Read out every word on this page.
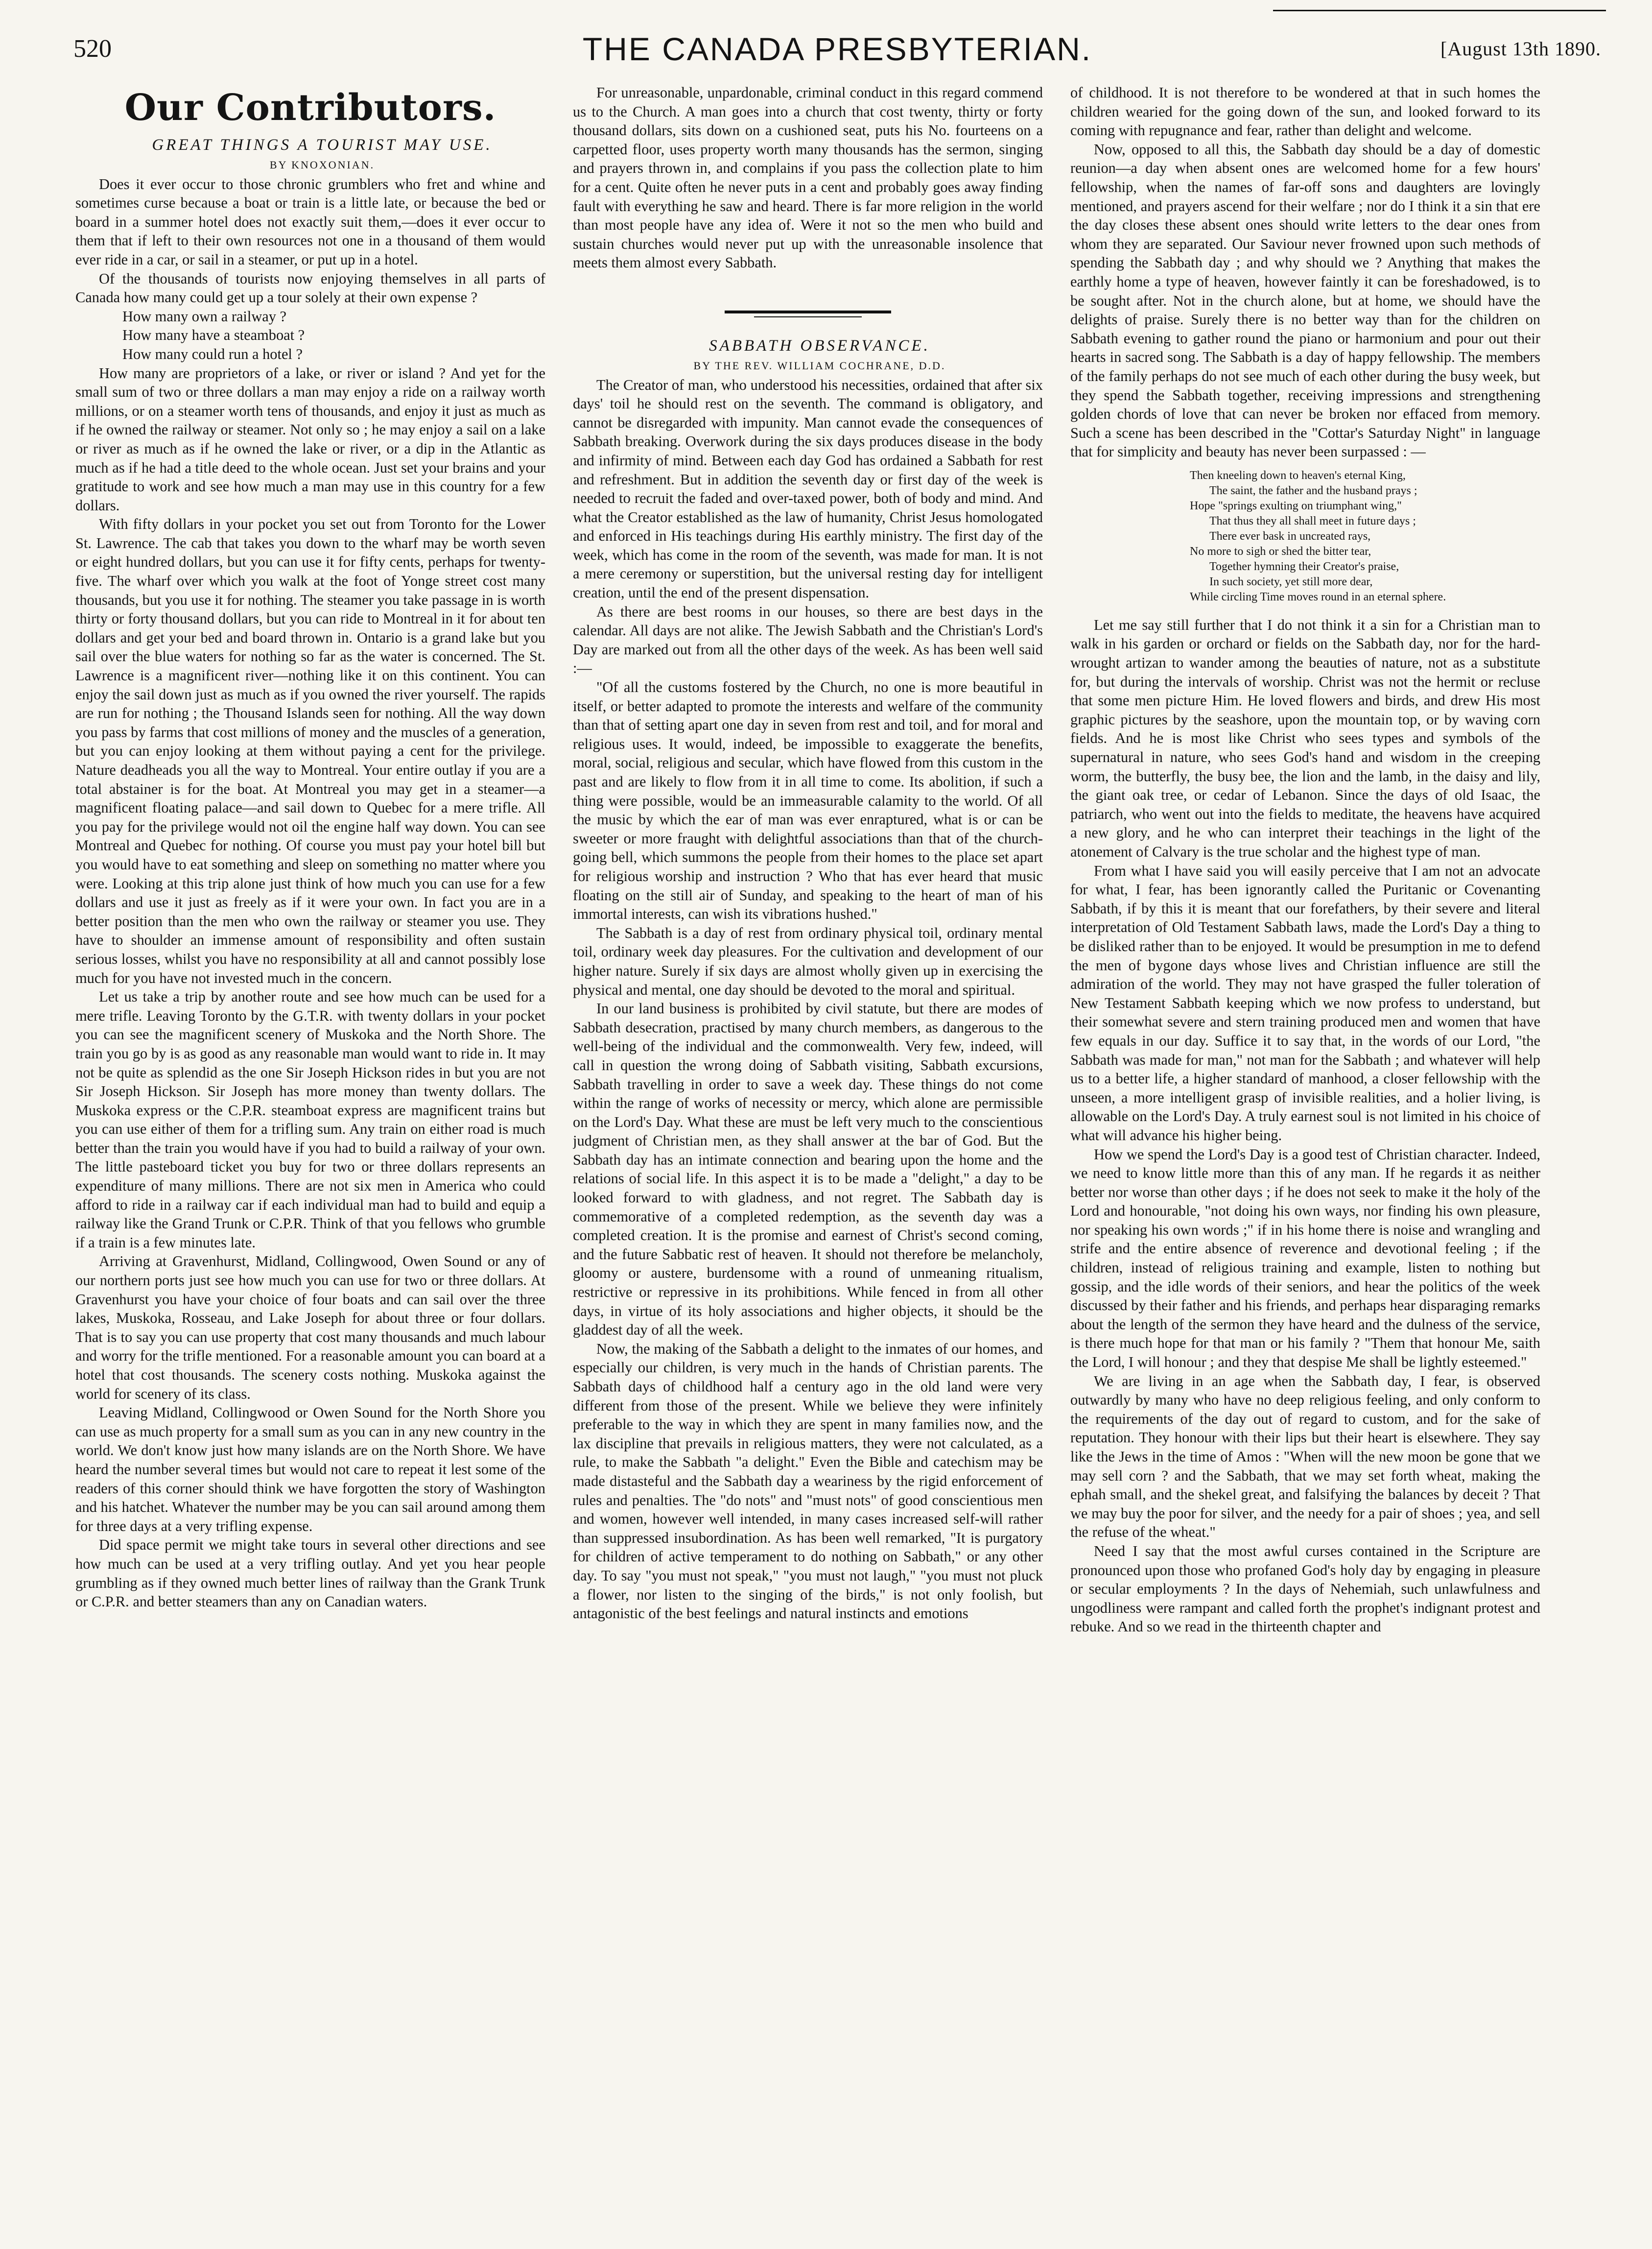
520	THE CANADA PRESBYTERIAN.	[August 13th 1890.
Our Contributors.

GREAT THINGS A TOURIST MAY USE.

BY KNOXONIAN.

Does it ever occur to those chronic grumblers who fret and whine and sometimes curse because a boat or train is a little late, or because the bed or board in a summer hotel does not exactly suit them,—does it ever occur to them that if left to their own resources not one in a thousand of them would ever ride in a car, or sail in a steamer, or put up in a hotel.

Of the thousands of tourists now enjoying themselves in all parts of Canada how many could get up a tour solely at their own expense ?

How many own a railway ?

How many have a steamboat ?

How many could run a hotel ?

How many are proprietors of a lake, or river or island ? And yet for the small sum of two or three dollars a man may enjoy a ride on a railway worth millions, or on a steamer worth tens of thousands, and enjoy it just as much as if he owned the railway or steamer. Not only so ; he may enjoy a sail on a lake or river as much as if he owned the lake or river, or a dip in the Atlantic as much as if he had a title deed to the whole ocean. Just set your brains and your gratitude to work and see how much a man may use in this country for a few dollars.

With fifty dollars in your pocket you set out from Toronto for the Lower St. Lawrence. The cab that takes you down to the wharf may be worth seven or eight hundred dollars, but you can use it for fifty cents, perhaps for twenty-five. The wharf over which you walk at the foot of Yonge street cost many thousands, but you use it for nothing. The steamer you take passage in is worth thirty or forty thousand dollars, but you can ride to Montreal in it for about ten dollars and get your bed and board thrown in. Ontario is a grand lake but you sail over the blue waters for nothing so far as the water is concerned. The St. Lawrence is a magnificent river—nothing like it on this continent. You can enjoy the sail down just as much as if you owned the river yourself. The rapids are run for nothing ; the Thousand Islands seen for nothing. All the way down you pass by farms that cost millions of money and the muscles of a generation, but you can enjoy looking at them without paying a cent for the privilege. Nature deadheads you all the way to Montreal. Your entire outlay if you are a total abstainer is for the boat. At Montreal you may get in a steamer—a magnificent floating palace—and sail down to Quebec for a mere trifle. All you pay for the privilege would not oil the engine half way down. You can see Montreal and Quebec for nothing. Of course you must pay your hotel bill but you would have to eat something and sleep on something no matter where you were. Looking at this trip alone just think of how much you can use for a few dollars and use it just as freely as if it were your own. In fact you are in a better position than the men who own the railway or steamer you use. They have to shoulder an immense amount of responsibility and often sustain serious losses, whilst you have no responsibility at all and cannot possibly lose much for you have not invested much in the concern.

Let us take a trip by another route and see how much can be used for a mere trifle. Leaving Toronto by the G.T.R. with twenty dollars in your pocket you can see the magnificent scenery of Muskoka and the North Shore. The train you go by is as good as any reasonable man would want to ride in. It may not be quite as splendid as the one Sir Joseph Hickson rides in but you are not Sir Joseph Hickson. Sir Joseph has more money than twenty dollars. The Muskoka express or the C.P.R. steamboat express are magnificent trains but you can use either of them for a trifling sum. Any train on either road is much better than the train you would have if you had to build a railway of your own. The little pasteboard ticket you buy for two or three dollars represents an expenditure of many millions. There are not six men in America who could afford to ride in a railway car if each individual man had to build and equip a railway like the Grand Trunk or C.P.R. Think of that you fellows who grumble if a train is a few minutes late.

Arriving at Gravenhurst, Midland, Collingwood, Owen Sound or any of our northern ports just see how much you can use for two or three dollars. At Gravenhurst you have your choice of four boats and can sail over the three lakes, Muskoka, Rosseau, and Lake Joseph for about three or four dollars. That is to say you can use property that cost many thousands and much labour and worry for the trifle mentioned. For a reasonable amount you can board at a hotel that cost thousands. The scenery costs nothing. Muskoka against the world for scenery of its class.

Leaving Midland, Collingwood or Owen Sound for the North Shore you can use as much property for a small sum as you can in any new country in the world. We don't know just how many islands are on the North Shore. We have heard the number several times but would not care to repeat it lest some of the readers of this corner should think we have forgotten the story of Washington and his hatchet. Whatever the number may be you can sail around among them for three days at a very trifling expense.

Did space permit we might take tours in several other directions and see how much can be used at a very trifling outlay. And yet you hear people grumbling as if they owned much better lines of railway than the Grank Trunk or C.P.R. and better steamers than any on Canadian waters.

For unreasonable, unpardonable, criminal conduct in this regard commend us to the Church. A man goes into a church that cost twenty, thirty or forty thousand dollars, sits down on a cushioned seat, puts his No. fourteens on a carpetted floor, uses property worth many thousands has the sermon, singing and prayers thrown in, and complains if you pass the collection plate to him for a cent. Quite often he never puts in a cent and probably goes away finding fault with everything he saw and heard. There is far more religion in the world than most people have any idea of. Were it not so the men who build and sustain churches would never put up with the unreasonable insolence that meets them almost every Sabbath.

SABBATH OBSERVANCE.

BY THE REV. WILLIAM COCHRANE, D.D.

The Creator of man, who understood his necessities, ordained that after six days' toil he should rest on the seventh. The command is obligatory, and cannot be disregarded with impunity. Man cannot evade the consequences of Sabbath breaking. Overwork during the six days produces disease in the body and infirmity of mind. Between each day God has ordained a Sabbath for rest and refreshment. But in addition the seventh day or first day of the week is needed to recruit the faded and over-taxed power, both of body and mind. And what the Creator established as the law of humanity, Christ Jesus homologated and enforced in His teachings during His earthly ministry. The first day of the week, which has come in the room of the seventh, was made for man. It is not a mere ceremony or superstition, but the universal resting day for intelligent creation, until the end of the present dispensation.

As there are best rooms in our houses, so there are best days in the calendar. All days are not alike. The Jewish Sabbath and the Christian's Lord's Day are marked out from all the other days of the week. As has been well said :—

"Of all the customs fostered by the Church, no one is more beautiful in itself, or better adapted to promote the interests and welfare of the community than that of setting apart one day in seven from rest and toil, and for moral and religious uses. It would, indeed, be impossible to exaggerate the benefits, moral, social, religious and secular, which have flowed from this custom in the past and are likely to flow from it in all time to come. Its abolition, if such a thing were possible, would be an immeasurable calamity to the world. Of all the music by which the ear of man was ever enraptured, what is or can be sweeter or more fraught with delightful associations than that of the church-going bell, which summons the people from their homes to the place set apart for religious worship and instruction ? Who that has ever heard that music floating on the still air of Sunday, and speaking to the heart of man of his immortal interests, can wish its vibrations hushed."

The Sabbath is a day of rest from ordinary physical toil, ordinary mental toil, ordinary week day pleasures. For the cultivation and development of our higher nature. Surely if six days are almost wholly given up in exercising the physical and mental, one day should be devoted to the moral and spiritual.

In our land business is prohibited by civil statute, but there are modes of Sabbath desecration, practised by many church members, as dangerous to the well-being of the individual and the commonwealth. Very few, indeed, will call in question the wrong doing of Sabbath visiting, Sabbath excursions, Sabbath travelling in order to save a week day. These things do not come within the range of works of necessity or mercy, which alone are permissible on the Lord's Day. What these are must be left very much to the conscientious judgment of Christian men, as they shall answer at the bar of God. But the Sabbath day has an intimate connection and bearing upon the home and the relations of social life. In this aspect it is to be made a "delight," a day to be looked forward to with gladness, and not regret. The Sabbath day is commemorative of a completed redemption, as the seventh day was a completed creation. It is the promise and earnest of Christ's second coming, and the future Sabbatic rest of heaven. It should not therefore be melancholy, gloomy or austere, burdensome with a round of unmeaning ritualism, restrictive or repressive in its prohibitions. While fenced in from all other days, in virtue of its holy associations and higher objects, it should be the gladdest day of all the week.

Now, the making of the Sabbath a delight to the inmates of our homes, and especially our children, is very much in the hands of Christian parents. The Sabbath days of childhood half a century ago in the old land were very different from those of the present. While we believe they were infinitely preferable to the way in which they are spent in many families now, and the lax discipline that prevails in religious matters, they were not calculated, as a rule, to make the Sabbath "a delight." Even the Bible and catechism may be made distasteful and the Sabbath day a weariness by the rigid enforcement of rules and penalties. The "do nots" and "must nots" of good conscientious men and women, however well intended, in many cases increased self-will rather than suppressed insubordination. As has been well remarked, "It is purgatory for children of active temperament to do nothing on Sabbath," or any other day. To say "you must not speak," "you must not laugh," "you must not pluck a flower, nor listen to the singing of the birds," is not only foolish, but antagonistic of the best feelings and natural instincts and emotions

of childhood. It is not therefore to be wondered at that in such homes the children wearied for the going down of the sun, and looked forward to its coming with repugnance and fear, rather than delight and welcome.

Now, opposed to all this, the Sabbath day should be a day of domestic reunion—a day when absent ones are welcomed home for a few hours' fellowship, when the names of far-off sons and daughters are lovingly mentioned, and prayers ascend for their welfare ; nor do I think it a sin that ere the day closes these absent ones should write letters to the dear ones from whom they are separated. Our Saviour never frowned upon such methods of spending the Sabbath day ; and why should we ? Anything that makes the earthly home a type of heaven, however faintly it can be foreshadowed, is to be sought after. Not in the church alone, but at home, we should have the delights of praise. Surely there is no better way than for the children on Sabbath evening to gather round the piano or harmonium and pour out their hearts in sacred song. The Sabbath is a day of happy fellowship. The members of the family perhaps do not see much of each other during the busy week, but they spend the Sabbath together, receiving impressions and strengthening golden chords of love that can never be broken nor effaced from memory. Such a scene has been described in the "Cottar's Saturday Night" in language that for simplicity and beauty has never been surpassed : —

Then kneeling down to heaven's eternal King,
The saint, the father and the husband prays ;
Hope "springs exulting on triumphant wing,"
That thus they all shall meet in future days ;
There ever bask in uncreated rays,
No more to sigh or shed the bitter tear,
Together hymning their Creator's praise,
In such society, yet still more dear,
While circling Time moves round in an eternal sphere.

Let me say still further that I do not think it a sin for a Christian man to walk in his garden or orchard or fields on the Sabbath day, nor for the hard-wrought artizan to wander among the beauties of nature, not as a substitute for, but during the intervals of worship. Christ was not the hermit or recluse that some men picture Him. He loved flowers and birds, and drew His most graphic pictures by the seashore, upon the mountain top, or by waving corn fields. And he is most like Christ who sees types and symbols of the supernatural in nature, who sees God's hand and wisdom in the creeping worm, the butterfly, the busy bee, the lion and the lamb, in the daisy and lily, the giant oak tree, or cedar of Lebanon. Since the days of old Isaac, the patriarch, who went out into the fields to meditate, the heavens have acquired a new glory, and he who can interpret their teachings in the light of the atonement of Calvary is the true scholar and the highest type of man.

From what I have said you will easily perceive that I am not an advocate for what, I fear, has been ignorantly called the Puritanic or Covenanting Sabbath, if by this it is meant that our forefathers, by their severe and literal interpretation of Old Testament Sabbath laws, made the Lord's Day a thing to be disliked rather than to be enjoyed. It would be presumption in me to defend the men of bygone days whose lives and Christian influence are still the admiration of the world. They may not have grasped the fuller toleration of New Testament Sabbath keeping which we now profess to understand, but their somewhat severe and stern training produced men and women that have few equals in our day. Suffice it to say that, in the words of our Lord, "the Sabbath was made for man," not man for the Sabbath ; and whatever will help us to a better life, a higher standard of manhood, a closer fellowship with the unseen, a more intelligent grasp of invisible realities, and a holier living, is allowable on the Lord's Day. A truly earnest soul is not limited in his choice of what will advance his higher being.

How we spend the Lord's Day is a good test of Christian character. Indeed, we need to know little more than this of any man. If he regards it as neither better nor worse than other days ; if he does not seek to make it the holy of the Lord and honourable, "not doing his own ways, nor finding his own pleasure, nor speaking his own words ;" if in his home there is noise and wrangling and strife and the entire absence of reverence and devotional feeling ; if the children, instead of religious training and example, listen to nothing but gossip, and the idle words of their seniors, and hear the politics of the week discussed by their father and his friends, and perhaps hear disparaging remarks about the length of the sermon they have heard and the dulness of the service, is there much hope for that man or his family ? "Them that honour Me, saith the Lord, I will honour ; and they that despise Me shall be lightly esteemed."

We are living in an age when the Sabbath day, I fear, is observed outwardly by many who have no deep religious feeling, and only conform to the requirements of the day out of regard to custom, and for the sake of reputation. They honour with their lips but their heart is elsewhere. They say like the Jews in the time of Amos : "When will the new moon be gone that we may sell corn ? and the Sabbath, that we may set forth wheat, making the ephah small, and the shekel great, and falsifying the balances by deceit ? That we may buy the poor for silver, and the needy for a pair of shoes ; yea, and sell the refuse of the wheat."

Need I say that the most awful curses contained in the Scripture are pronounced upon those who profaned God's holy day by engaging in pleasure or secular employments ? In the days of Nehemiah, such unlawfulness and ungodliness were rampant and called forth the prophet's indignant protest and rebuke. And so we read in the thirteenth chapter and
